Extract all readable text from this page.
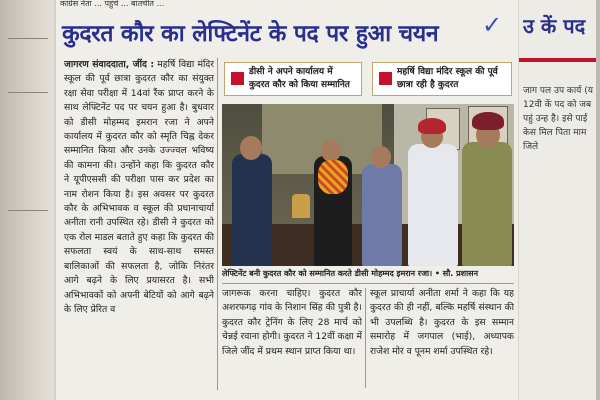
कांग्रेस नेता ... पहुंचे ... बातचीत ...
कुदरत कौर का लेफ्टिनेंट के पद पर हुआ चयन	✓
जागरण संवाददाता, जींद : महर्षि विद्या मंदिर स्कूल की पूर्व छात्रा कुदरत कौर का संयुक्त रक्षा सेवा परीक्षा में 14वां रैंक प्राप्त करने के साथ लेफ्टिनेंट पद पर चयन हुआ है। बुधवार को डीसी मोहम्मद इमरान रजा ने अपने कार्यालय में कुदरत कौर को स्मृति चिह्न देकर सम्मानित किया और उनके उज्ज्वल भविष्य की कामना की। उन्होंने कहा कि कुदरत कौर ने यूपीएससी की परीक्षा पास कर प्रदेश का नाम रोशन किया है। इस अवसर पर कुदरत कौर के अभिभावक व स्कूल की प्रधानाचार्या अनीता रानी उपस्थित रहे। डीसी ने कुदरत को एक रोल माडल बताते हुए कहा कि कुदरत की सफलता स्वयं के साथ-साथ समस्त बालिकाओं की सफलता है, जोकि निरंतर आगे बढ़ने के लिए प्रयासरत है। सभी अभिभावकों को अपनी बेटियों को आगे बढ़ने के लिए प्रेरित व
डीसी ने अपने कार्यालय में कुदरत कौर को किया सम्मानित
महर्षि विद्या मंदिर स्कूल की पूर्व छात्रा रही है कुदरत
लेफ्टिनेंट बनी कुदरत कौर को सम्मानित करते डीसी मोहम्मद इमरान रजा। • सौ. प्रशासन
जागरूक करना चाहिए। कुदरत कौर अशरफगढ़ गांव के निशान सिंह की पुत्री है। कुदरत कौर ट्रेनिंग के लिए 28 मार्च को चेन्नई रवाना होगी। कुदरत ने 12वीं कक्षा में जिले जींद में प्रथम स्थान प्राप्त किया था।
स्कूल प्राचार्या अनीता शर्मा ने कहा कि यह कुदरत की ही नहीं, बल्कि महर्षि संस्थान की भी उपलब्धि है। कुदरत के इस सम्मान समारोह में जगपाल (भाई), अध्यापक राजेश मोर व पूनम शर्मा उपस्थित रहे।
उ कें पद
जाग पल उप कार्य (य 12वी कें पद को जब पहुं उन्ह है। इसे पाई केस मिल पिता माम जिले
